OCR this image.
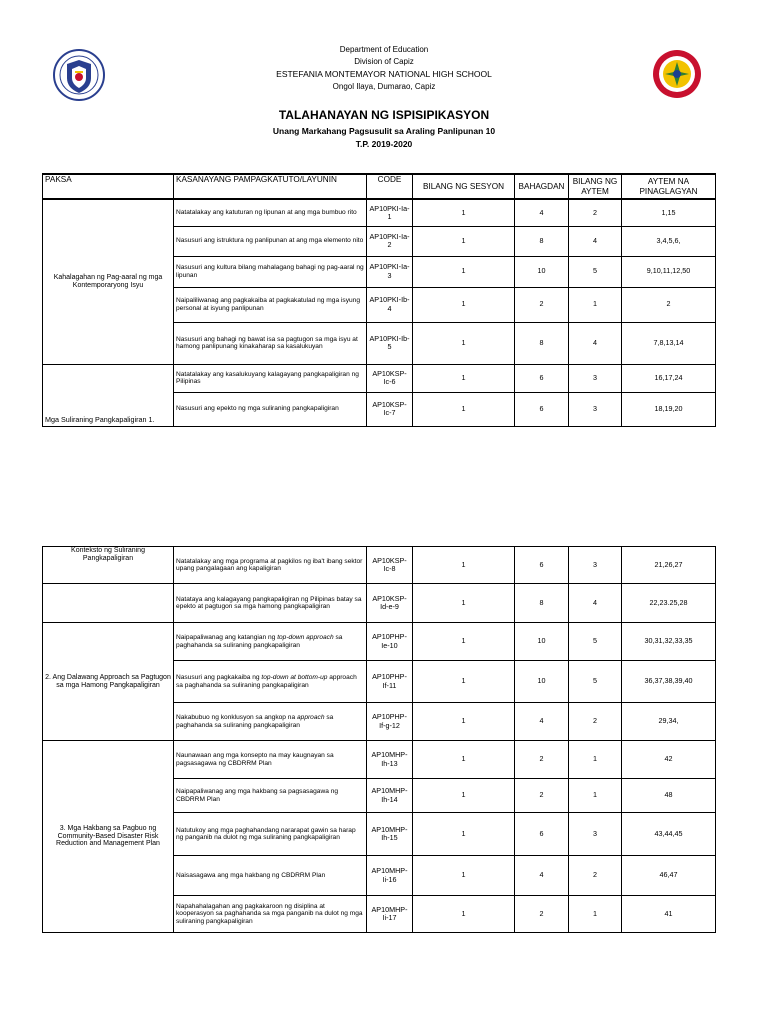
Department of Education
Division of Capiz
ESTEFANIA MONTEMAYOR NATIONAL HIGH SCHOOL
Ongol Ilaya, Dumarao, Capiz
TALAHANAYAN NG ISPISIPIKASYON
Unang Markahang Pagsusulit sa Araling Panlipunan 10
T.P. 2019-2020
PAKSA	KASANAYANG PAMPAGKATUTO/LAYUNIN	CODE	BILANG NG SESYON	BAHAGDAN	BILANG NG AYTEM	AYTEM NA PINAGLAGYAN
Kahalagahan ng Pag-aaral ng mga Kontemporaryong Isyu	Natatalakay ang katuturan ng lipunan at ang mga bumbuo rito	AP10PKI-Ia-1	1	4	2	1,15
	Nasusuri ang istruktura ng panlipunan at ang mga elemento nito	AP10PKI-Ia-2	1	8	4	3,4,5,6,
	Nasusuri ang kultura bilang mahalagang bahagi ng pag-aaral ng lipunan	AP10PKI-Ia-3	1	10	5	9,10,11,12,50
	Naipaliliwanag ang pagkakaiba at pagkakatulad ng mga isyung personal at isyung panlipunan	AP10PKI-Ib-4	1	2	1	2
	Nasusuri ang bahagi ng bawat isa sa pagtugon sa mga isyu at hamong panlipunang kinakaharap sa kasalukuyan	AP10PKI-Ib-5	1	8	4	7,8,13,14
Mga Suliraning Pangkapaligiran 1.	Natatalakay ang kasalukuyang kalagayang pangkapaligiran ng Pilipinas	AP10KSP-Ic-6	1	6	3	16,17,24
	Nasusuri ang epekto ng mga suliraning pangkapaligiran	AP10KSP-Ic-7	1	6	3	18,19,20
Konteksto ng Suliraning Pangkapaligiran	Natatalakay ang mga programa at pagkilos ng iba't ibang sektor upang pangalagaan ang kapaligiran	AP10KSP-Ic-8	1	6	3	21,26,27
	Natataya ang kalagayang pangkapaligiran ng Pilipinas batay sa epekto at pagtugon sa mga hamong pangkapaligiran	AP10KSP-Id-e-9	1	8	4	22,23.25,28
2. Ang Dalawang Approach sa Pagtugon sa mga Hamong Pangkapaligiran	Naipapaliwanag ang katangian ng top-down approach sa paghahanda sa suliraning pangkapaligiran	AP10PHP-Ie-10	1	10	5	30,31,32,33,35
	Nasusuri ang pagkakaiba ng top-down at bottom-up approach sa paghahanda sa suliraning pangkapaligiran	AP10PHP-If-11	1	10	5	36,37,38,39,40
	Nakabubuo ng konklusyon sa angkop na approach sa paghahanda sa suliraning pangkapaligiran	AP10PHP-If-g-12	1	4	2	29,34,
3. Mga Hakbang sa Pagbuo ng Community-Based Disaster Risk Reduction and Management Plan	Naunawaan ang mga konsepto na may kaugnayan sa pagsasagawa ng CBDRRM Plan	AP10MHP-Ih-13	1	2	1	42
	Naipapaliwanag ang mga hakbang sa pagsasagawa ng CBDRRM Plan	AP10MHP-Ih-14	1	2	1	48
	Natutukoy ang mga paghahandang nararapat gawin sa harap ng panganib na dulot ng mga suliraning pangkapaligiran	AP10MHP-Ih-15	1	6	3	43,44,45
	Naisasagawa ang mga hakbang ng CBDRRM Plan	AP10MHP-Ii-16	1	4	2	46,47
	Napahahalagahan ang pagkakaroon ng disiplina at kooperasyon sa paghahanda sa mga panganib na dulot ng mga suliraning pangkapaligiran	AP10MHP-Ii-17	1	2	1	41
